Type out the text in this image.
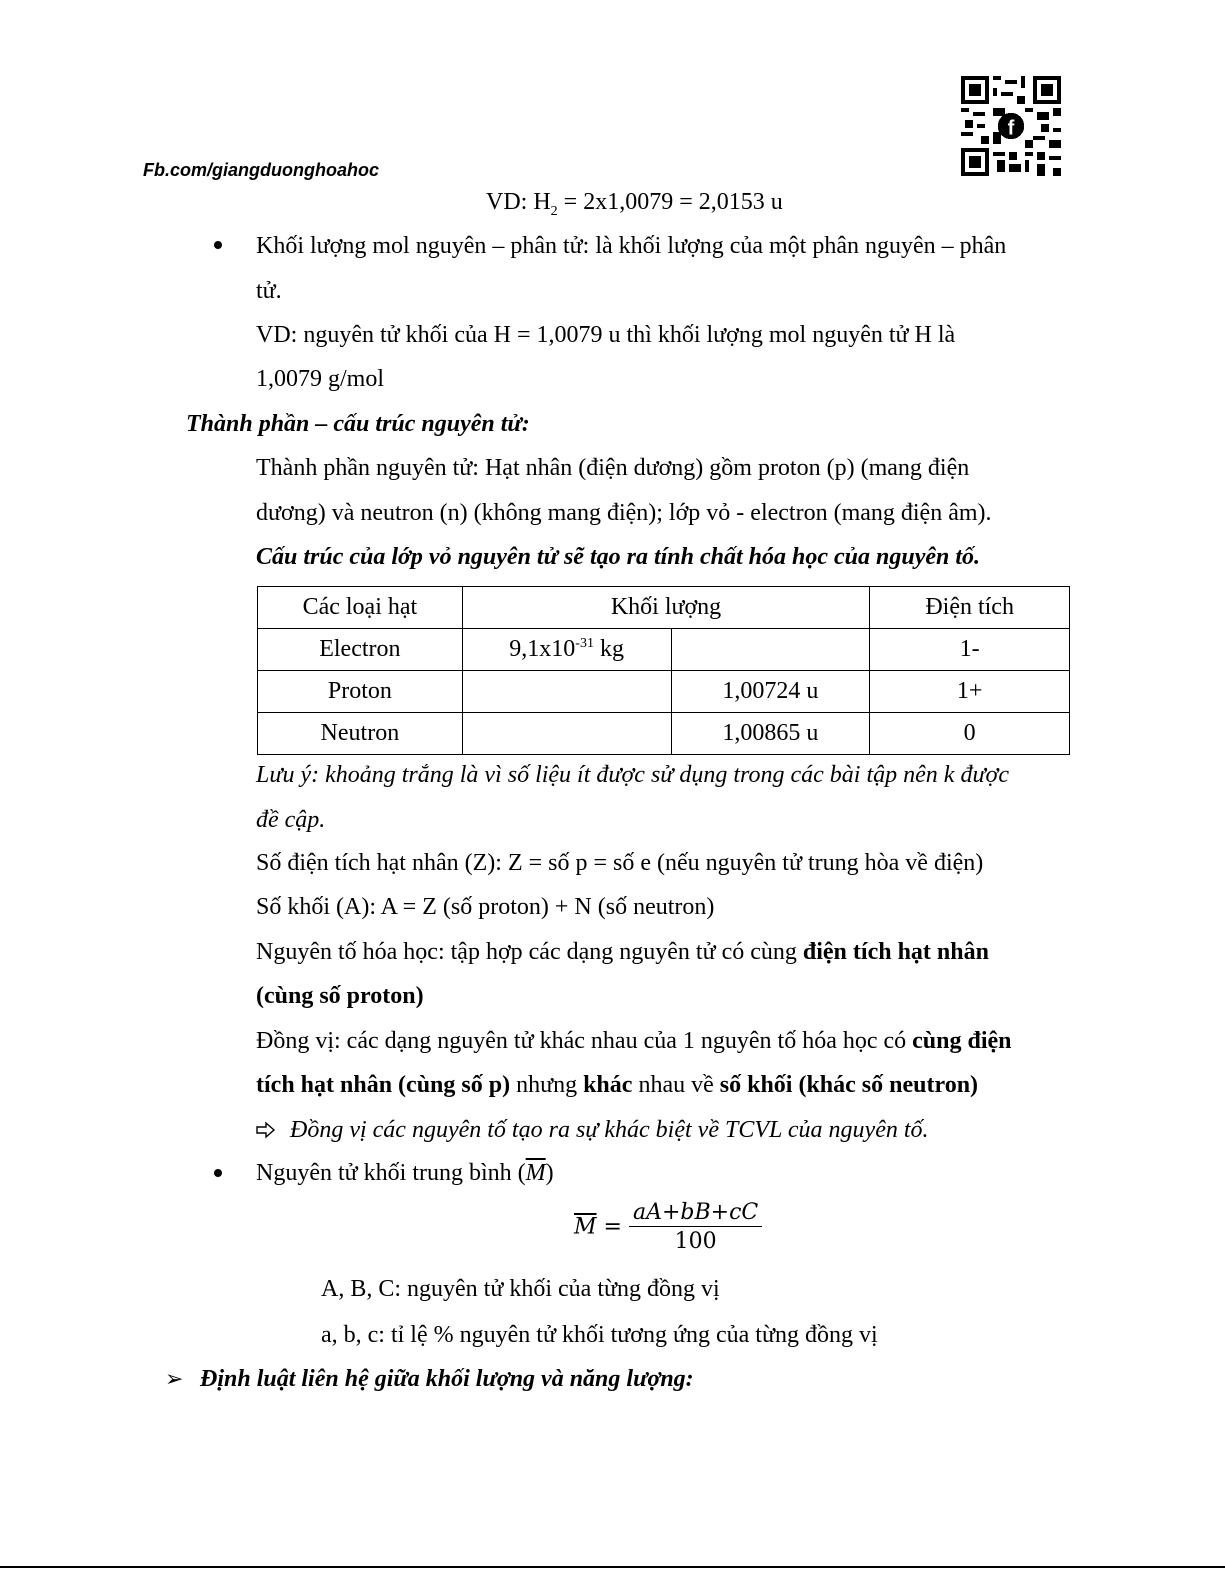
Fb.com/giangduonghoahoc
f
VD: $H_2 = 2x1,0079 = 2,0153$ u
Khối lượng mol nguyên – phân tử: là khối lượng của một phân nguyên – phân
tử.
VD: nguyên tử khối của H = 1,0079 u thì khối lượng mol nguyên tử H là
1,0079 g/mol
Thành phần – cấu trúc nguyên tử:
Thành phần nguyên tử: Hạt nhân (điện dương) gồm proton (p) (mang điện
dương) và neutron (n) (không mang điện); lớp vỏ - electron (mang điện âm).
Cấu trúc của lớp vỏ nguyên tử sẽ tạo ra tính chất hóa học của nguyên tố.
Các loại hạt	Khối lượng		Điện tích
Electron	$9,1x10^{-31}$ kg		1-
Proton		1,00724 u	1+
Neutron		1,00865 u	0
Lưu ý: khoảng trắng là vì số liệu ít được sử dụng trong các bài tập nên k được
đề cập.
Số điện tích hạt nhân (Z): Z = số p = số e (nếu nguyên tử trung hòa về điện)
Số khối (A): A = Z (số proton) + N (số neutron)
Nguyên tố hóa học: tập hợp các dạng nguyên tử có cùng điện tích hạt nhân
(cùng số proton)
Đồng vị: các dạng nguyên tử khác nhau của 1 nguyên tố hóa học có cùng điện
tích hạt nhân (cùng số p) nhưng khác nhau về số khối (khác số neutron)
Đồng vị các nguyên tố tạo ra sự khác biệt về TCVL của nguyên tố.
Nguyên tử khối trung bình $(\overline{M})$
$\overline{M} = \frac{aA+bB+cC}{100}$
A, B, C: nguyên tử khối của từng đồng vị
a, b, c: tỉ lệ % nguyên tử khối tương ứng của từng đồng vị
➢ Định luật liên hệ giữa khối lượng và năng lượng:
